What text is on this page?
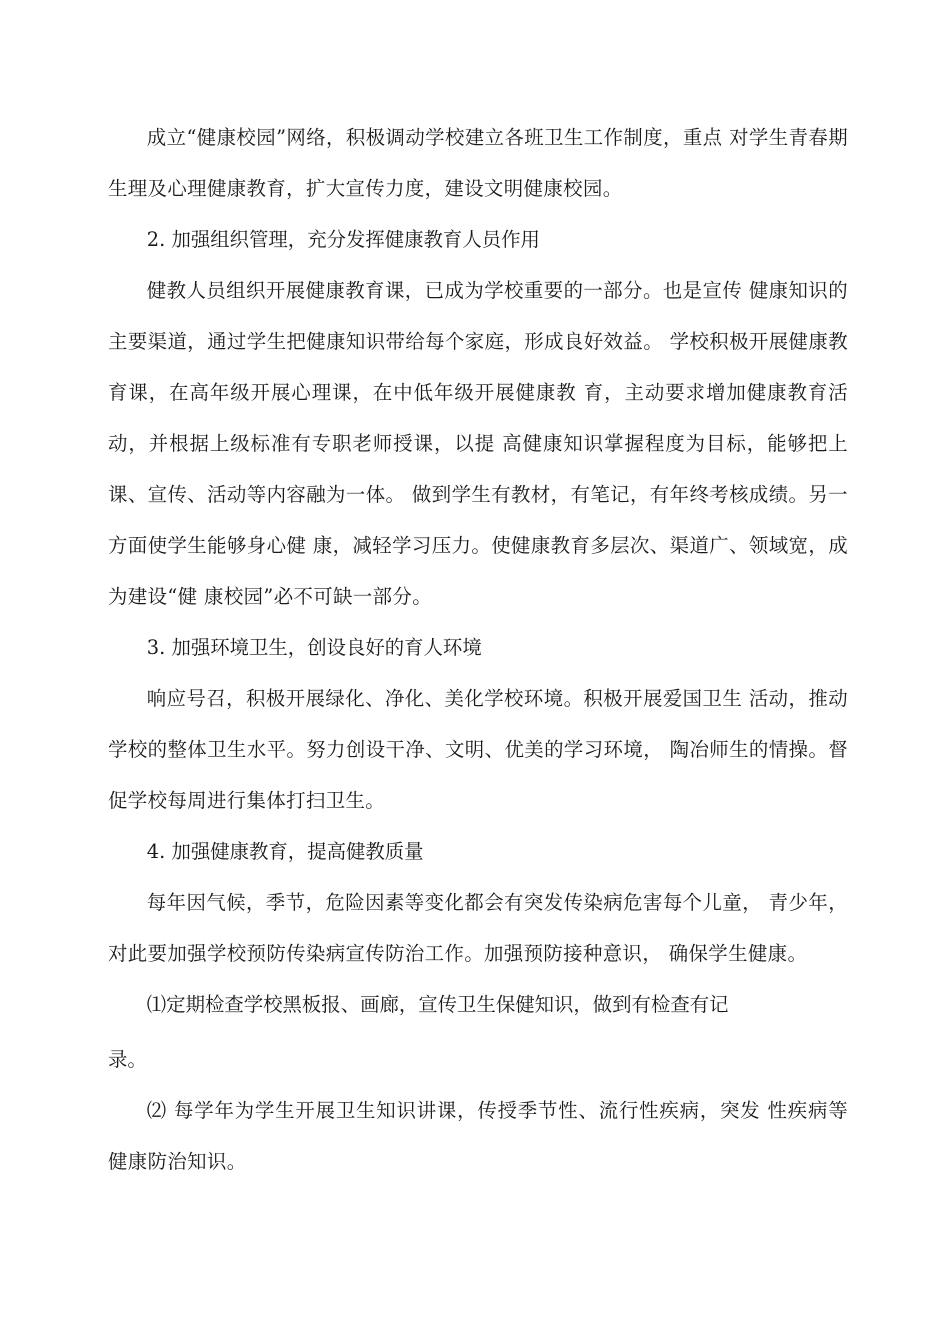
成立“健康校园”网络，积极调动学校建立各班卫生工作制度，重点 对学生青春期生理及心理健康教育，扩大宣传力度，建设文明健康校园。

2. 加强组织管理，充分发挥健康教育人员作用

健教人员组织开展健康教育课，已成为学校重要的一部分。也是宣传 健康知识的主要渠道，通过学生把健康知识带给每个家庭，形成良好效益。 学校积极开展健康教育课，在高年级开展心理课，在中低年级开展健康教 育，主动要求增加健康教育活动，并根据上级标准有专职老师授课，以提 高健康知识掌握程度为目标，能够把上课、宣传、活动等内容融为一体。 做到学生有教材，有笔记，有年终考核成绩。另一方面使学生能够身心健 康，减轻学习压力。使健康教育多层次、渠道广、领域宽，成为建设“健 康校园”必不可缺一部分。

3. 加强环境卫生，创设良好的育人环境

响应号召，积极开展绿化、净化、美化学校环境。积极开展爱国卫生 活动，推动学校的整体卫生水平。努力创设干净、文明、优美的学习环境， 陶冶师生的情操。督促学校每周进行集体打扫卫生。

4. 加强健康教育，提高健教质量

每年因气候，季节，危险因素等变化都会有突发传染病危害每个儿童， 青少年，对此要加强学校预防传染病宣传防治工作。加强预防接种意识， 确保学生健康。

⑴定期检查学校黑板报、画廊，宣传卫生保健知识，做到有检查有记

录。

⑵ 每学年为学生开展卫生知识讲课，传授季节性、流行性疾病，突发 性疾病等健康防治知识。
